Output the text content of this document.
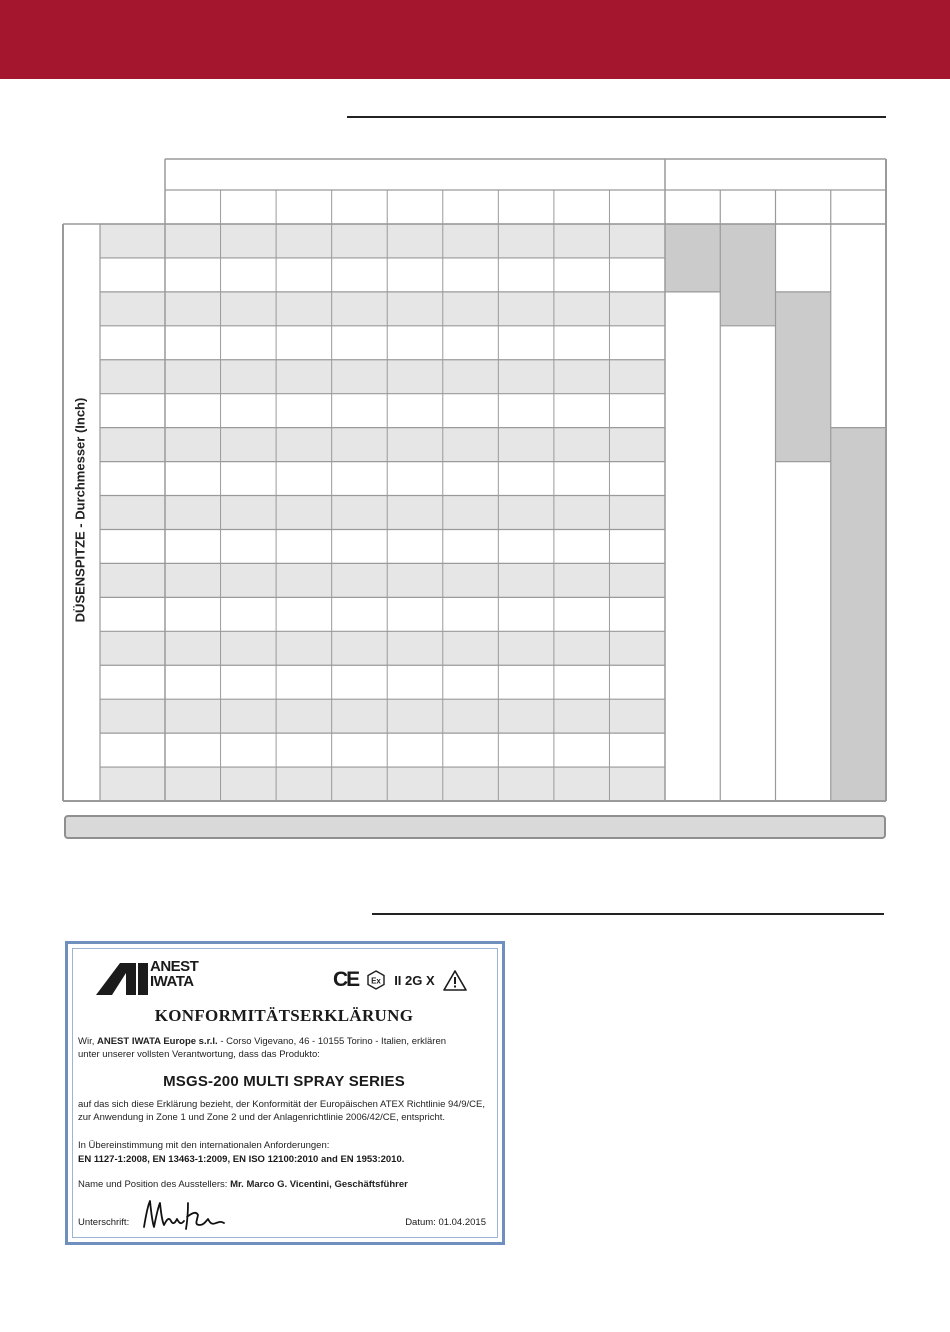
DÜSENSPITZE - Durchmesser (Inch)
ANEST
IWATA	CE Ex II 2G X
KONFORMITÄTSERKLÄRUNG
Wir, ANEST IWATA Europe s.r.l. - Corso Vigevano, 46 - 10155 Torino - Italien, erklären
unter unserer vollsten Verantwortung, dass das Produkto:
MSGS-200 MULTI SPRAY SERIES
auf das sich diese Erklärung bezieht, der Konformität der Europäischen ATEX Richtlinie 94/9/CE,
zur Anwendung in Zone 1 und Zone 2 und der Anlagenrichtlinie 2006/42/CE, entspricht.
In Übereinstimmung mit den internationalen Anforderungen:
EN 1127-1:2008, EN 13463-1:2009, EN ISO 12100:2010 and EN 1953:2010.
Name und Position des Ausstellers: Mr. Marco G. Vicentini, Geschäftsführer
Unterschrift:	Datum: 01.04.2015
